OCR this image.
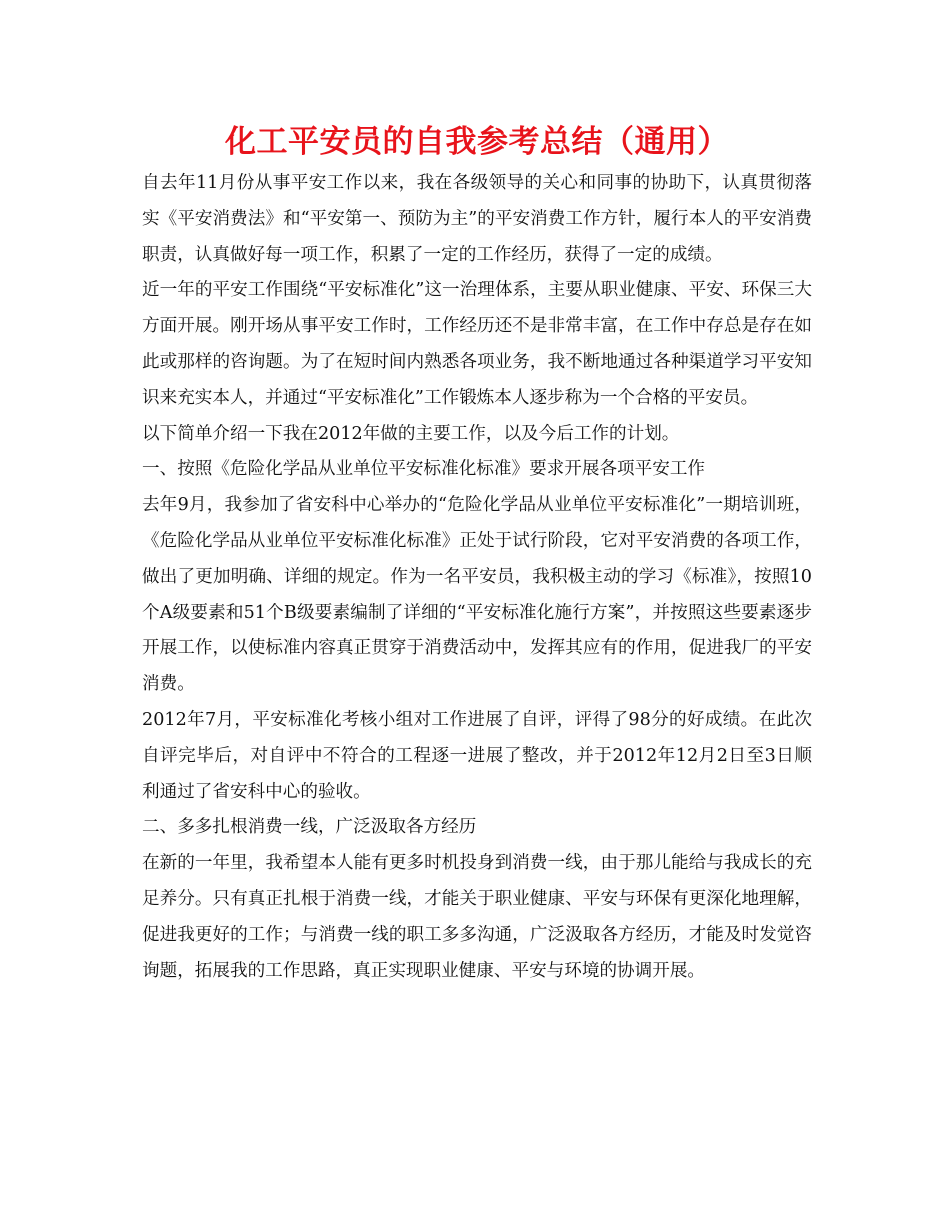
化工平安员的自我参考总结（通用）

自去年11月份从事平安工作以来，我在各级领导的关心和同事的协助下，认真贯彻落实《平安消费法》和“平安第一、预防为主”的平安消费工作方针，履行本人的平安消费职责，认真做好每一项工作，积累了一定的工作经历，获得了一定的成绩。

近一年的平安工作围绕“平安标准化”这一治理体系，主要从职业健康、平安、环保三大方面开展。刚开场从事平安工作时，工作经历还不是非常丰富，在工作中存总是存在如此或那样的咨询题。为了在短时间内熟悉各项业务，我不断地通过各种渠道学习平安知识来充实本人，并通过“平安标准化”工作锻炼本人逐步称为一个合格的平安员。

以下简单介绍一下我在2012年做的主要工作，以及今后工作的计划。

一、按照《危险化学品从业单位平安标准化标准》要求开展各项平安工作

去年9月，我参加了省安科中心举办的“危险化学品从业单位平安标准化”一期培训班，《危险化学品从业单位平安标准化标准》正处于试行阶段，它对平安消费的各项工作，做出了更加明确、详细的规定。作为一名平安员，我积极主动的学习《标准》，按照10个A级要素和51个B级要素编制了详细的“平安标准化施行方案”，并按照这些要素逐步开展工作，以使标准内容真正贯穿于消费活动中，发挥其应有的作用，促进我厂的平安消费。

2012年7月，平安标准化考核小组对工作进展了自评，评得了98分的好成绩。在此次自评完毕后，对自评中不符合的工程逐一进展了整改，并于2012年12月2日至3日顺利通过了省安科中心的验收。

二、多多扎根消费一线，广泛汲取各方经历

在新的一年里，我希望本人能有更多时机投身到消费一线，由于那儿能给与我成长的充足养分。只有真正扎根于消费一线，才能关于职业健康、平安与环保有更深化地理解，促进我更好的工作；与消费一线的职工多多沟通，广泛汲取各方经历，才能及时发觉咨询题，拓展我的工作思路，真正实现职业健康、平安与环境的协调开展。
